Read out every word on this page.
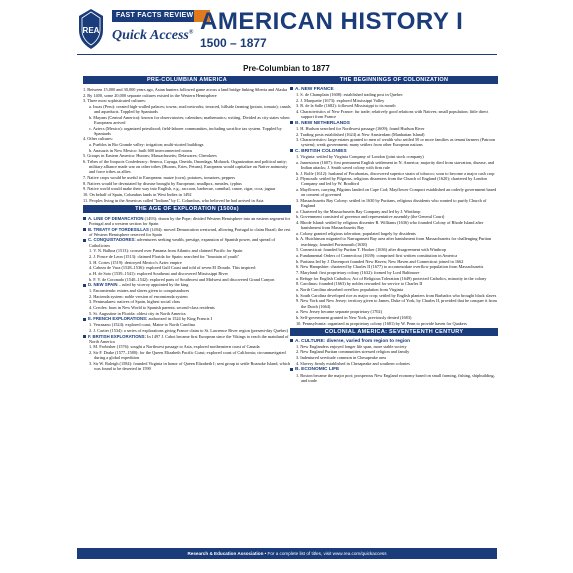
REA
FAST FACTS REVIEW
Quick Access® AMERICAN HISTORY I
1500 – 1877
Pre-Columbian to 1877
PRE-COLUMBIAN AMERICA
1. Between 15,000 and 30,000 years ago, Asian hunters followed game across a land bridge linking Siberia and Alaska
2. By 1400, some 20,000 separate cultures existed in the Western Hemisphere
3. Three most sophisticated cultures:
a. Incas (Peru): created high-walled palaces; towns; road networks; terraced, hillside farming (potato, tomato); canals and aqueducts. Toppled by Spaniards
b. Mayans (Central America): known for observatories; calendars; mathematics; writing. Divided as city states when Europeans arrived
c. Aztecs (Mexico): organized priesthood; field-laborer communities, including sacrifice tax system. Toppled by Spaniards
4. Other cultures:
a. Pueblos in Rio Grande valley: irrigation; multi-storied buildings
b. Anasazis in New Mexico: built 600 interconnected rooms
5. Groups in Eastern America: Hurons; Massachusetts; Delawares; Cherokees
6. Tribes of the Iroquois Confederacy: Seneca, Cayuga, Oneida, Onondaga, Mohawk. Organization and political unity; military alliance made war on other tribes (Hurons, Eries, Petuns). Europeans would capitalize on Native animosity and force tribes as allies
7. Native crops would be useful to Europeans: maize (corn), potatoes, tomatoes, peppers
8. Natives would be devastated by disease brought by Europeans: smallpox, measles, typhus
9. Native world would make their way into English, e.g., raccoon, barbecue, cannibal, canoe, cigar, coca, jaguar
10. On behalf of Spain, Columbus lands in West Indies in 1492
11. Peoples living in the Americas called "Indians" by C. Columbus, who believed he had arrived in Asia
THE AGE OF EXPLORATION (1500s)
A. LINE OF DEMARCATION (1493): drawn by the Pope; divided Western Hemisphere into an eastern segment for Portugal and a western section for Spain
B. TREATY OF TORDESILLAS (1494): moved Demarcation westward, allowing Portugal to claim Brazil; the rest of Western Hemisphere reserved for Spain
C. CONQUISTADORES: adventurers seeking wealth, prestige, expansion of Spanish power, and spread of Catholicism
1. V. N. Balboa (1513): crossed over Panama from Atlantic and claimed Pacific for Spain
2. J. Ponce de Leon (1513): claimed Florida for Spain; searched for "fountain of youth"
3. H. Cortes (1519): destroyed Mexico's Aztec empire
4. Cabeza de Vaca (1528–1536): explored Gulf Coast and told of seven El Dorado. This inspired:
a. H. de Soto (1539–1541): explored Southeast and discovered Mississippi River
b. F. V. de Coronado (1540–1542): explored parts of Southwest and Midwest and discovered Grand Canyon
D. NEW SPAIN – ruled by viceroy appointed by the king
1. Encomienda: estates and slaves given to conquistadores
2. Hacienda system: noble version of encomienda system
3. Peninsulares: natives of Spain, highest social class
4. Creoles: born in New World to Spanish parents; second-class residents
5. St. Augustine in Florida: oldest city in North America
E. FRENCH EXPLORATIONS: authorized in 1524 by King Francis I
1. Verrazano (1524): explored coast, Maine to North Carolina
2. J. Cartier (1534): a series of explorations giving France claim to St. Lawrence River region (present-day Quebec)
F. BRITISH EXPLORATIONS: In 1497 J. Cabot became first European since the Vikings to reach the mainland of North America
1. M. Frobisher (1576): sought a Northwest passage to Asia, explored northeastern coast of Canada
2. Sir F. Drake (1577–1580): for the Queen Elizabeth Pacific Coast; explored coast of California; circumnavigated during a global expedition
3. Sir W. Raleigh (1584): founded Virginia in honor of Queen Elizabeth I; sent group to settle Roanoke Island, which was found to be deserted in 1590
THE BEGINNINGS OF COLONIZATION
A. NEW FRANCE
1. S. de Champlain (1608): established trading post in Quebec
2. J. Marquette (1673): explored Mississippi Valley
3. R. de la Salle (1682): followed Mississippi to its mouth
4. Characteristics of New France: fur trade; relatively good relations with Natives; small population; little direct support from France
B. NEW NETHERLANDS
1. H. Hudson searched for Northwest passage (1609); found Hudson River
2. Trading posts established (1624) at New Amsterdam (Manhattan Island)
3. Characteristics: large estates granted to men of wealth who settled 50 or more families as tenant farmers (Patroon system); weak government; many settlers from other European nations
C. BRITISH COLONIES
1. Virginia: settled by Virginia Company of London (joint stock company)
a. Jamestown (1607): first permanent English settlement in N. America; majority died from starvation, disease, and Indian attacks; J. Smith saved colony with firm rule
b. J. Rolfe (1612): husband of Pocahontas, discovered superior strain of tobacco; soon to become a major cash crop
2. Plymouth: settled by Pilgrims, religious dissenters from the Church of England (1620); chartered by London Company and led by W. Bradford
a. Mayflower, carrying Pilgrims landed on Cape Cod; Mayflower Compact established an orderly government based on consent of governed
3. Massachusetts Bay Colony: settled in 1630 by Puritans, religious dissidents who wanted to purify Church of England
a. Chartered by the Massachusetts Bay Company and led by J. Winthrop
b. Government consisted of governor and representative assembly (the General Court)
4. Rhode Island: settled by religious dissenter R. Williams (1636) who founded Colony of Rhode Island after banishment from Massachusetts Bay
a. Colony granted religious toleration; populated largely by dissidents
b. A. Hutchinson migrated to Narragansett Bay area after banishment from Massachusetts for challenging Puritan teachings; founded Portsmouth (1638)
5. Connecticut: founded by Puritan T. Hooker (1636) after disagreement with Winthrop
a. Fundamental Orders of Connecticut (1639): comprised first written constitution in America
b. Puritans led by J. Davenport founded New Haven; New Haven and Connecticut joined in 1662
6. New Hampshire: chartered by Charles II (1677) to accommodate overflow population from Massachusetts
7. Maryland: first proprietary colony (1632): formed by Lord Baltimore
a. Refuge for English Catholics; Act of Religious Toleration (1649) protected Catholics, minority in the colony
8. Carolinas: founded (1663) by nobles rewarded for service to Charles II
a. North Carolina absorbed overflow population from Virginia
b. South Carolina developed rice as major crop; settled by English planters from Barbados who brought black slaves
9. New York and New Jersey: territory given to James, Duke of York, by Charles II, provided that he conquer it from the Dutch (1664)
a. New Jersey became separate proprietary (1702)
b. Self-government granted in New York, previously denied (1683)
10. Pennsylvania: organized as proprietary colony (1681) by W. Penn to provide haven for Quakers
COLONIAL AMERICA: SEVENTEENTH CENTURY
A. CULTURE: diverse, varied from region to region
1. New Englanders enjoyed longer life span, more stable society
2. New England Puritan communities stressed religion and family
3. Indentured servitude common in Chesapeake area
4. Slavery firmly established in Chesapeake and southern colonies
B. ECONOMIC LIFE
1. Boston became the major port; prosperous New England economy based on small farming, fishing, shipbuilding, and trade
Research & Education Association • For a complete list of titles, visit www.rea.com/quickaccess
